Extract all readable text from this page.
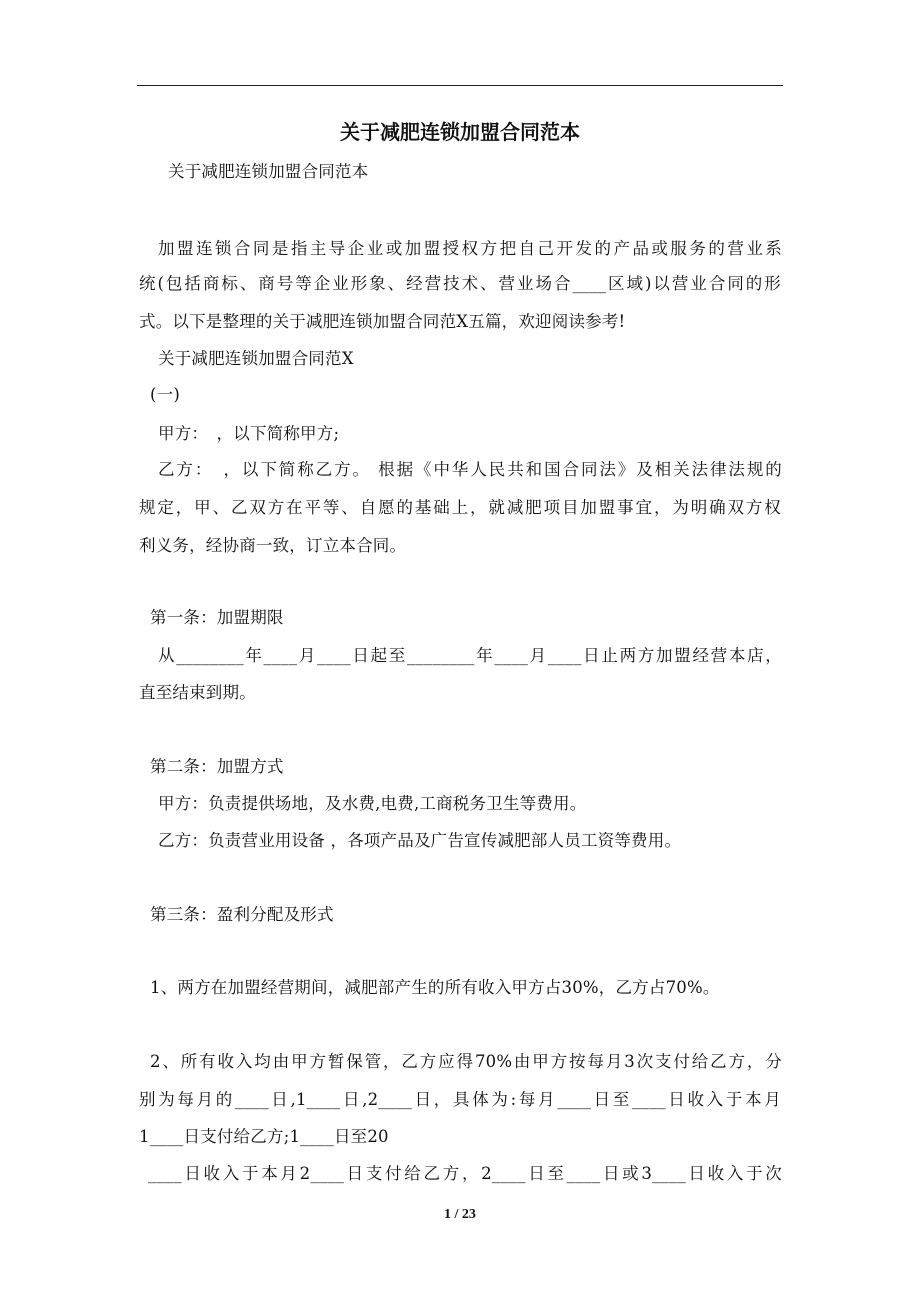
关于减肥连锁加盟合同范本
关于减肥连锁加盟合同范本
加盟连锁合同是指主导企业或加盟授权方把自己开发的产品或服务的营业系
统(包括商标、商号等企业形象、经营技术、营业场合____区域)以营业合同的形
式。以下是整理的关于减肥连锁加盟合同范X五篇，欢迎阅读参考!
关于减肥连锁加盟合同范X
(一)
甲方：　，以下简称甲方;
乙方：　，以下简称乙方。 根据《中华人民共和国合同法》及相关法律法规的
规定，甲、乙双方在平等、自愿的基础上，就减肥项目加盟事宜，为明确双方权
利义务，经协商一致，订立本合同。
第一条：加盟期限
从________年____月____日起至________年____月____日止两方加盟经营本店，
直至结束到期。
第二条：加盟方式
甲方：负责提供场地，及水费,电费,工商税务卫生等费用。
乙方：负责营业用设备 ，各项产品及广告宣传减肥部人员工资等费用。
第三条：盈利分配及形式
1、两方在加盟经营期间，减肥部产生的所有收入甲方占30%，乙方占70%。
2、所有收入均由甲方暂保管，乙方应得70%由甲方按每月3次支付给乙方，分
别为每月的____日,1____日,2____日，具体为:每月____日至____日收入于本月
1____日支付给乙方;1____日至20
____日收入于本月2____日支付给乙方，2____日至____日或3____日收入于次
1 / 23
